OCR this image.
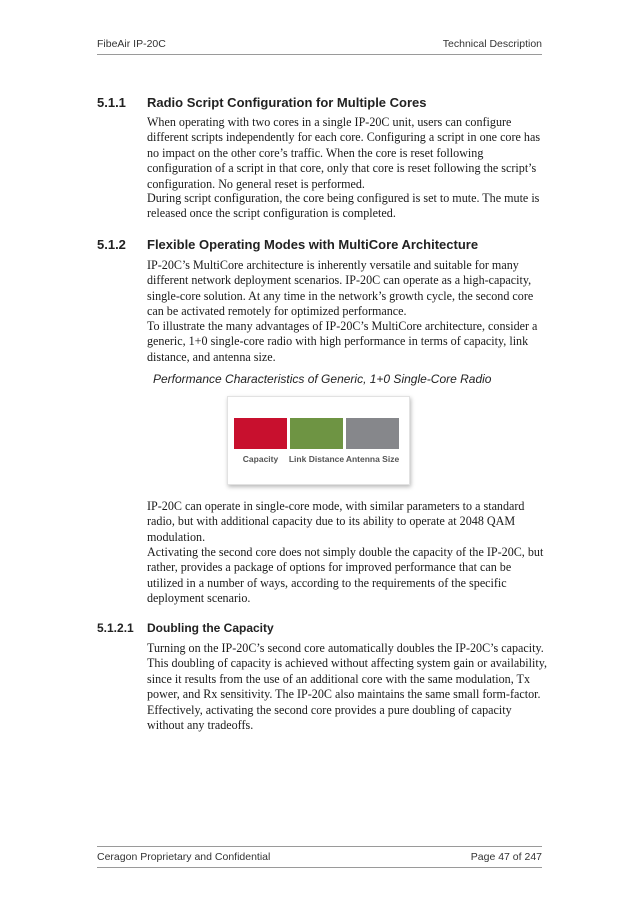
FibeAir IP-20C	Technical Description
5.1.1	Radio Script Configuration for Multiple Cores

When operating with two cores in a single IP-20C unit, users can configure different scripts independently for each core. Configuring a script in one core has no impact on the other core’s traffic. When the core is reset following configuration of a script in that core, only that core is reset following the script’s configuration. No general reset is performed.

During script configuration, the core being configured is set to mute. The mute is released once the script configuration is completed.

5.1.2	Flexible Operating Modes with MultiCore Architecture

IP-20C’s MultiCore architecture is inherently versatile and suitable for many different network deployment scenarios. IP-20C can operate as a high-capacity, single-core solution. At any time in the network’s growth cycle, the second core can be activated remotely for optimized performance.

To illustrate the many advantages of IP-20C’s MultiCore architecture, consider a generic, 1+0 single-core radio with high performance in terms of capacity, link distance, and antenna size.

Performance Characteristics of Generic, 1+0 Single-Core Radio
Capacity	Link Distance Antenna Size

IP-20C can operate in single-core mode, with similar parameters to a standard radio, but with additional capacity due to its ability to operate at 2048 QAM modulation.

Activating the second core does not simply double the capacity of the IP-20C, but rather, provides a package of options for improved performance that can be utilized in a number of ways, according to the requirements of the specific deployment scenario.

5.1.2.1	Doubling the Capacity

Turning on the IP-20C’s second core automatically doubles the IP-20C’s capacity. This doubling of capacity is achieved without affecting system gain or availability, since it results from the use of an additional core with the same modulation, Tx power, and Rx sensitivity. The IP-20C also maintains the same small form-factor. Effectively, activating the second core provides a pure doubling of capacity without any tradeoffs.

Ceragon Proprietary and Confidential	Page 47 of 247
